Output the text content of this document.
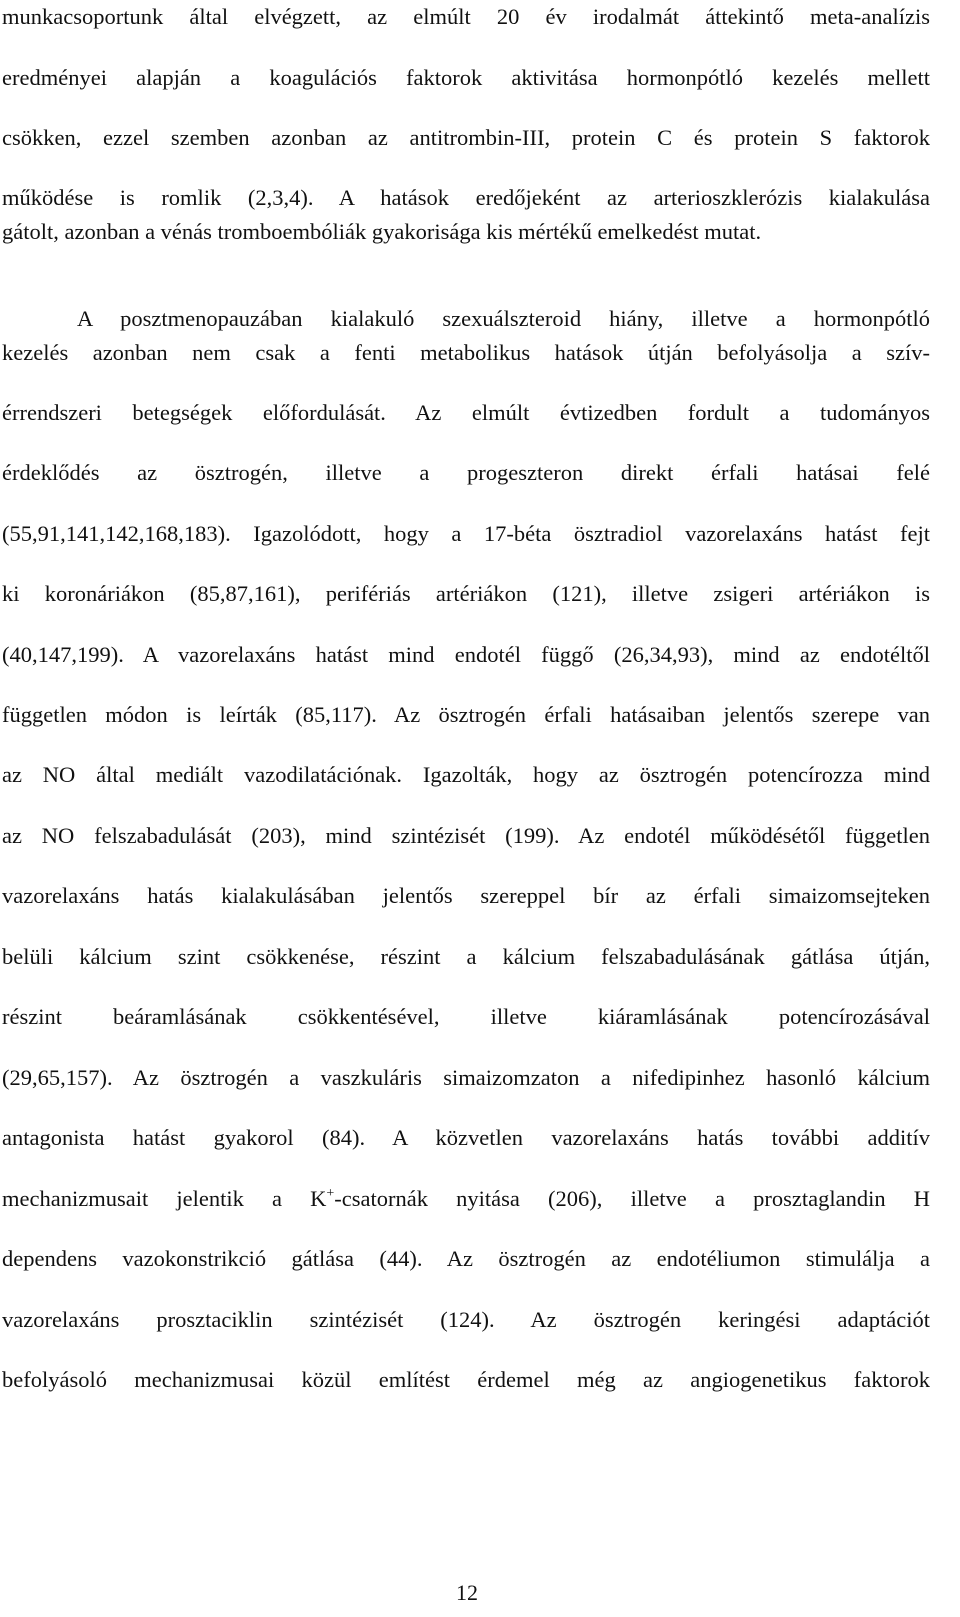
munkacsoportunk által elvégzett, az elmúlt 20 év irodalmát áttekintő meta-analízis
eredményei alapján a koagulációs faktorok aktivitása hormonpótló kezelés mellett
csökken, ezzel szemben azonban az antitrombin-III, protein C és protein S faktorok
működése is romlik (2,3,4). A hatások eredőjeként az arterioszklerózis kialakulása
gátolt, azonban a vénás tromboembóliák gyakorisága kis mértékű emelkedést mutat.
A posztmenopauzában kialakuló szexuálszteroid hiány, illetve a hormonpótló
kezelés azonban nem csak a fenti metabolikus hatások útján befolyásolja a szív-
érrendszeri betegségek előfordulását. Az elmúlt évtizedben fordult a tudományos
érdeklődés az ösztrogén, illetve a progeszteron direkt érfali hatásai felé
(55,91,141,142,168,183). Igazolódott, hogy a 17-béta ösztradiol vazorelaxáns hatást fejt
ki koronáriákon (85,87,161), perifériás artériákon (121), illetve zsigeri artériákon is
(40,147,199). A vazorelaxáns hatást mind endotél függő (26,34,93), mind az endotéltől
független módon is leírták (85,117). Az ösztrogén érfali hatásaiban jelentős szerepe van
az NO által mediált vazodilatációnak. Igazolták, hogy az ösztrogén potencírozza mind
az NO felszabadulását (203), mind szintézisét (199). Az endotél működésétől független
vazorelaxáns hatás kialakulásában jelentős szereppel bír az érfali simaizomsejteken
belüli kálcium szint csökkenése, részint a kálcium felszabadulásának gátlása útján,
részint beáramlásának csökkentésével, illetve kiáramlásának potencírozásával
(29,65,157). Az ösztrogén a vaszkuláris simaizomzaton a nifedipinhez hasonló kálcium
antagonista hatást gyakorol (84). A közvetlen vazorelaxáns hatás további additív
mechanizmusait jelentik a K+-csatornák nyitása (206), illetve a prosztaglandin H
dependens vazokonstrikció gátlása (44). Az ösztrogén az endotéliumon stimulálja a
vazorelaxáns prosztaciklin szintézisét (124). Az ösztrogén keringési adaptációt
befolyásoló mechanizmusai közül említést érdemel még az angiogenetikus faktorok
12
